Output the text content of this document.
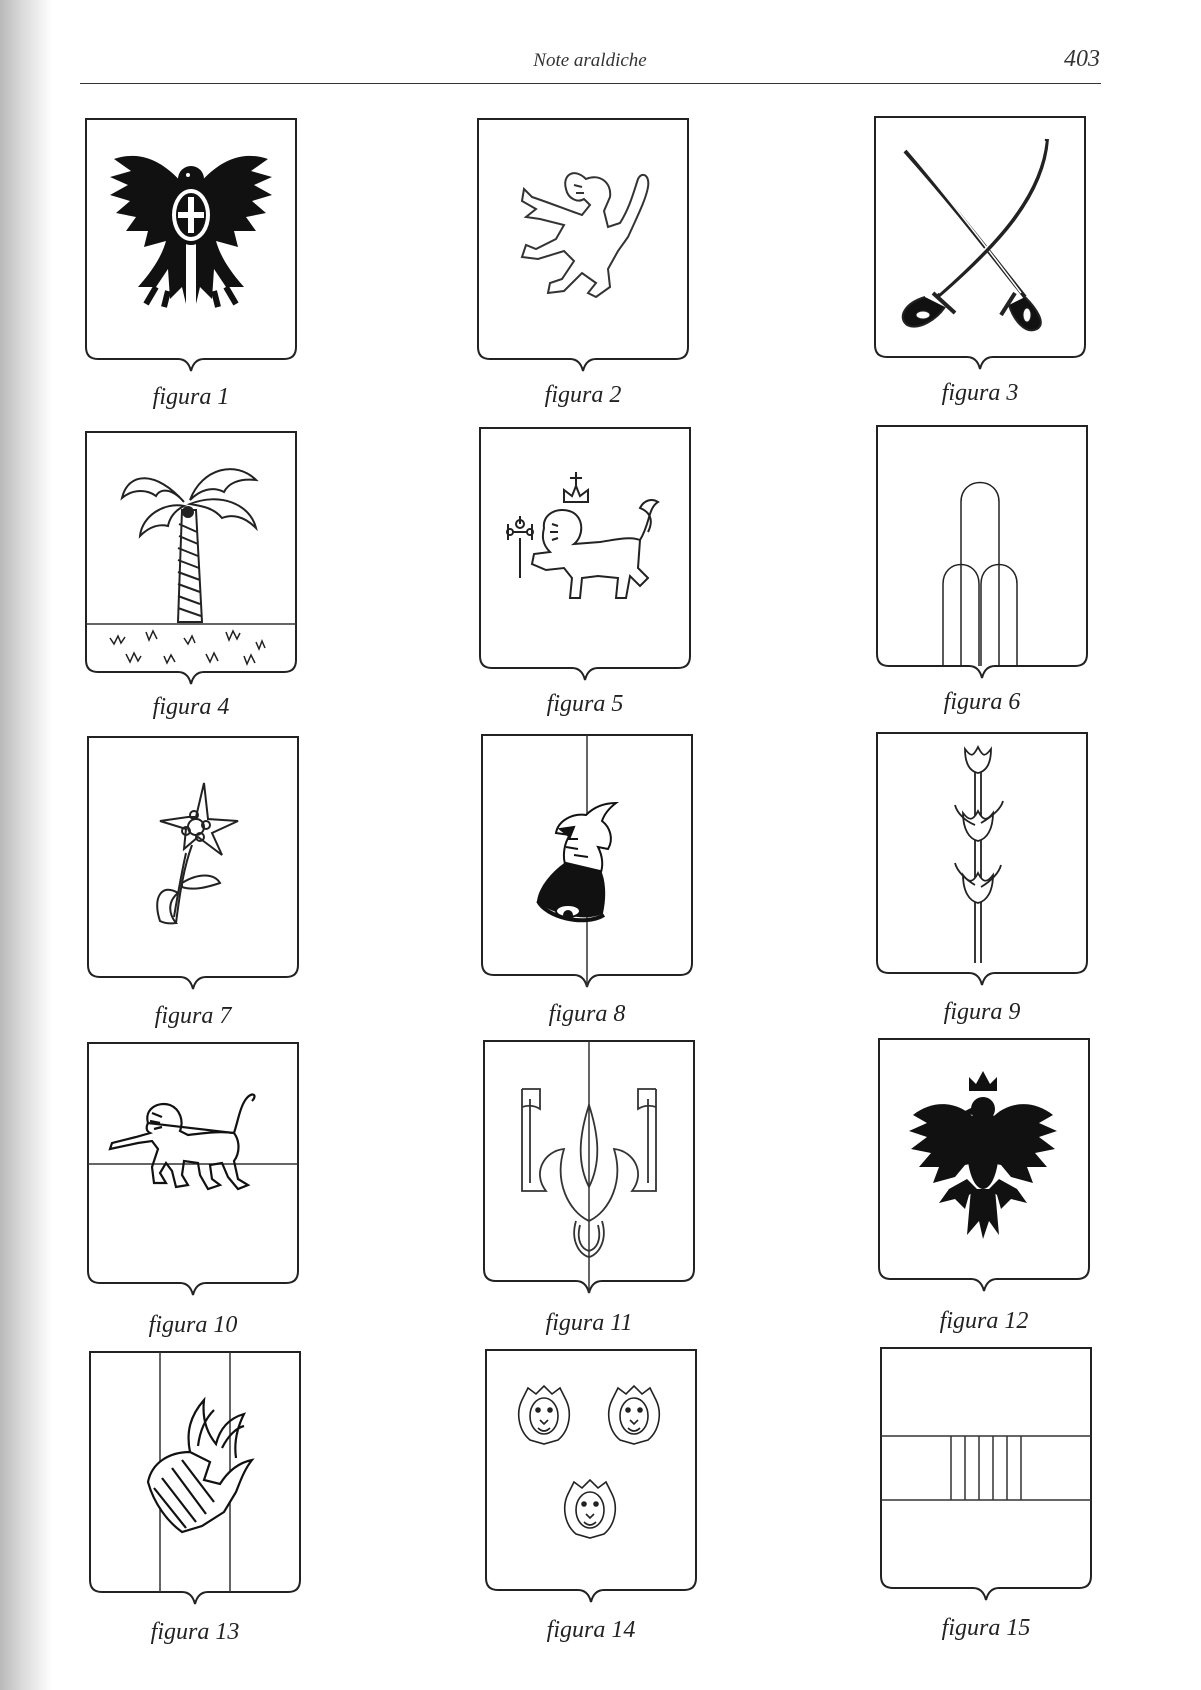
Note araldiche	403
figura 1	figura 2	figura 3
figura 4	figura 5	figura 6
figura 7	figura 8	figura 9
figura 10	figura 11	figura 12
figura 13	figura 14	figura 15
